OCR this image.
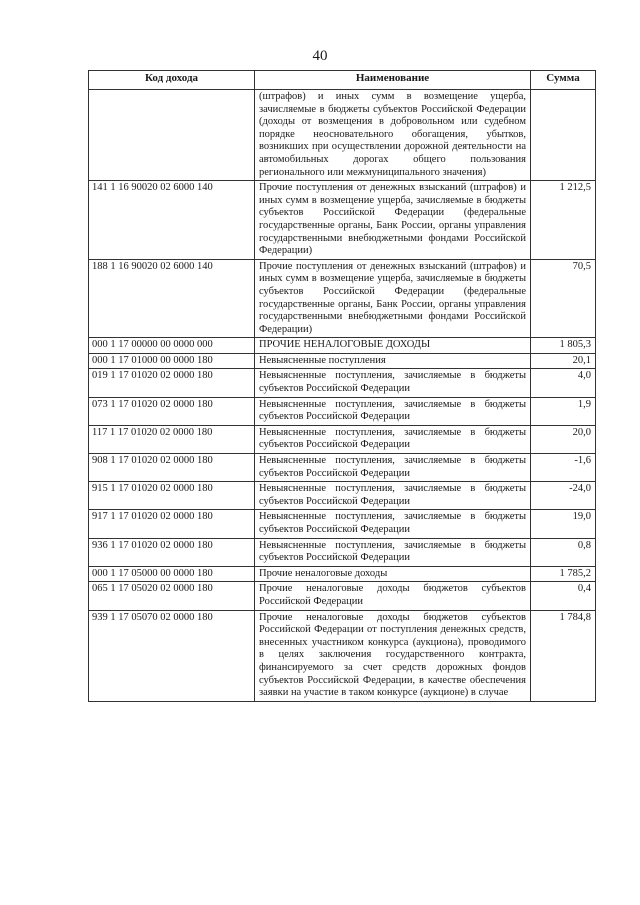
40
Код дохода	Наименование	Сумма
	(штрафов) и иных сумм в возмещение ущерба, зачисляемые в бюджеты субъектов Российской Федерации (доходы от возмещения в добровольном или судебном порядке неосновательного обогащения, убытков, возникших при осуществлении дорожной деятельности на автомобильных дорогах общего пользования регионального или межмуниципального значения)	
141 1 16 90020 02 6000 140	Прочие поступления от денежных взысканий (штрафов) и иных сумм в возмещение ущерба, зачисляемые в бюджеты субъектов Российской Федерации (федеральные государственные органы, Банк России, органы управления государственными внебюджетными фондами Российской Федерации)	1 212,5
188 1 16 90020 02 6000 140	Прочие поступления от денежных взысканий (штрафов) и иных сумм в возмещение ущерба, зачисляемые в бюджеты субъектов Российской Федерации (федеральные государственные органы, Банк России, органы управления государственными внебюджетными фондами Российской Федерации)	70,5
000 1 17 00000 00 0000 000	ПРОЧИЕ НЕНАЛОГОВЫЕ ДОХОДЫ	1 805,3
000 1 17 01000 00 0000 180	Невыясненные поступления	20,1
019 1 17 01020 02 0000 180	Невыясненные поступления, зачисляемые в бюджеты субъектов Российской Федерации	4,0
073 1 17 01020 02 0000 180	Невыясненные поступления, зачисляемые в бюджеты субъектов Российской Федерации	1,9
117 1 17 01020 02 0000 180	Невыясненные поступления, зачисляемые в бюджеты субъектов Российской Федерации	20,0
908 1 17 01020 02 0000 180	Невыясненные поступления, зачисляемые в бюджеты субъектов Российской Федерации	-1,6
915 1 17 01020 02 0000 180	Невыясненные поступления, зачисляемые в бюджеты субъектов Российской Федерации	-24,0
917 1 17 01020 02 0000 180	Невыясненные поступления, зачисляемые в бюджеты субъектов Российской Федерации	19,0
936 1 17 01020 02 0000 180	Невыясненные поступления, зачисляемые в бюджеты субъектов Российской Федерации	0,8
000 1 17 05000 00 0000 180	Прочие неналоговые доходы	1 785,2
065 1 17 05020 02 0000 180	Прочие неналоговые доходы бюджетов субъектов Российской Федерации	0,4
939 1 17 05070 02 0000 180	Прочие неналоговые доходы бюджетов субъектов Российской Федерации от поступления денежных средств, внесенных участником конкурса (аукциона), проводимого в целях заключения государственного контракта, финансируемого за счет средств дорожных фондов субъектов Российской Федерации, в качестве обеспечения заявки на участие в таком конкурсе (аукционе) в случае	1 784,8
